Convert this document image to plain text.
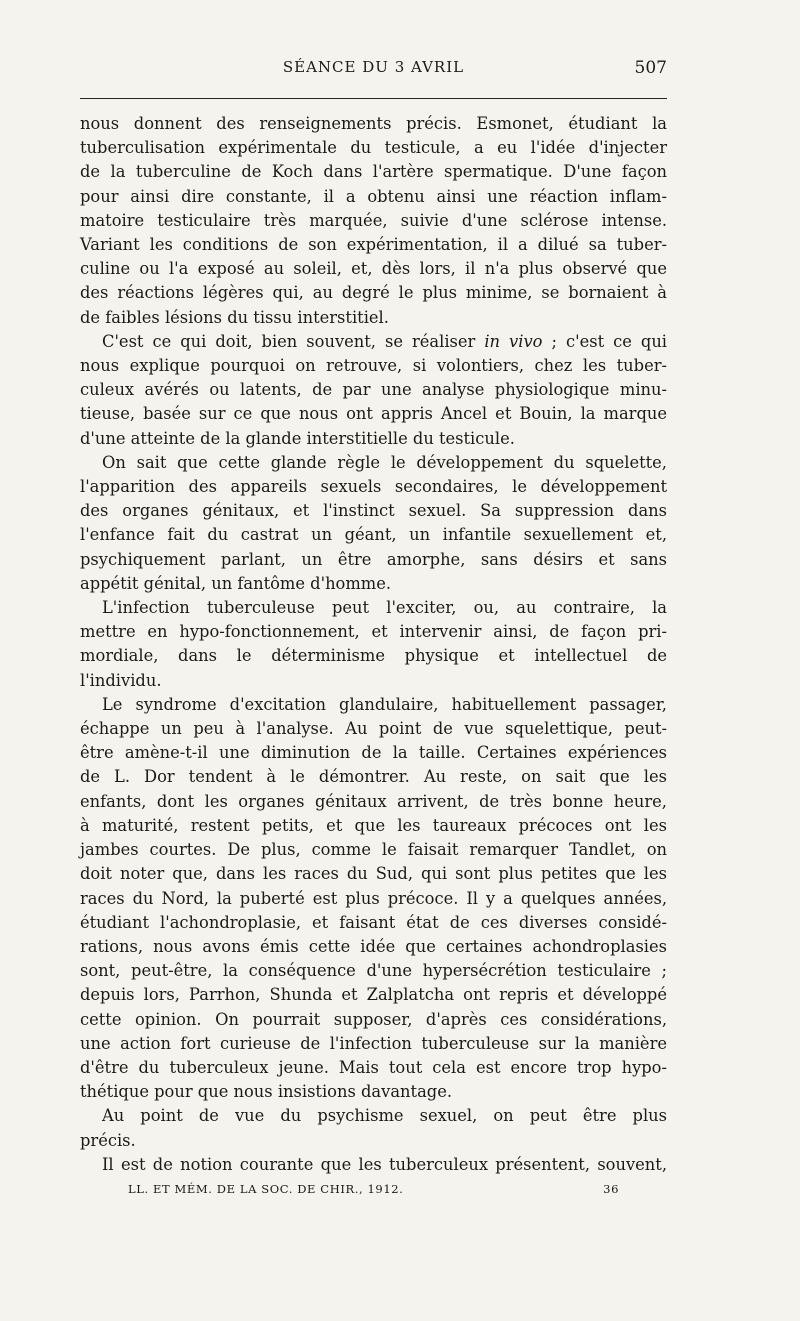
SÉANCE DU 3 AVRIL	507
nous donnent des renseignements précis. Esmonet, étudiant la
tuberculisation expérimentale du testicule, a eu l'idée d'injecter
de la tuberculine de Koch dans l'artère spermatique. D'une façon
pour ainsi dire constante, il a obtenu ainsi une réaction inflam-
matoire testiculaire très marquée, suivie d'une sclérose intense.
Variant les conditions de son expérimentation, il a dilué sa tuber-
culine ou l'a exposé au soleil, et, dès lors, il n'a plus observé que
des réactions légères qui, au degré le plus minime, se bornaient à
de faibles lésions du tissu interstitiel.
C'est ce qui doit, bien souvent, se réaliser in vivo ; c'est ce qui
nous explique pourquoi on retrouve, si volontiers, chez les tuber-
culeux avérés ou latents, de par une analyse physiologique minu-
tieuse, basée sur ce que nous ont appris Ancel et Bouin, la marque
d'une atteinte de la glande interstitielle du testicule.
On sait que cette glande règle le développement du squelette,
l'apparition des appareils sexuels secondaires, le développement
des organes génitaux, et l'instinct sexuel. Sa suppression dans
l'enfance fait du castrat un géant, un infantile sexuellement et,
psychiquement parlant, un être amorphe, sans désirs et sans
appétit génital, un fantôme d'homme.
L'infection tuberculeuse peut l'exciter, ou, au contraire, la
mettre en hypo-fonctionnement, et intervenir ainsi, de façon pri-
mordiale, dans le déterminisme physique et intellectuel de
l'individu.
Le syndrome d'excitation glandulaire, habituellement passager,
échappe un peu à l'analyse. Au point de vue squelettique, peut-
être amène-t-il une diminution de la taille. Certaines expériences
de L. Dor tendent à le démontrer. Au reste, on sait que les
enfants, dont les organes génitaux arrivent, de très bonne heure,
à maturité, restent petits, et que les taureaux précoces ont les
jambes courtes. De plus, comme le faisait remarquer Tandlet, on
doit noter que, dans les races du Sud, qui sont plus petites que les
races du Nord, la puberté est plus précoce. Il y a quelques années,
étudiant l'achondroplasie, et faisant état de ces diverses considé-
rations, nous avons émis cette idée que certaines achondroplasies
sont, peut-être, la conséquence d'une hypersécrétion testiculaire ;
depuis lors, Parrhon, Shunda et Zalplatcha ont repris et développé
cette opinion. On pourrait supposer, d'après ces considérations,
une action fort curieuse de l'infection tuberculeuse sur la manière
d'être du tuberculeux jeune. Mais tout cela est encore trop hypo-
thétique pour que nous insistions davantage.
Au point de vue du psychisme sexuel, on peut être plus
précis.
Il est de notion courante que les tuberculeux présentent, souvent,
LL. ET MÉM. DE LA SOC. DE CHIR., 1912.	36
